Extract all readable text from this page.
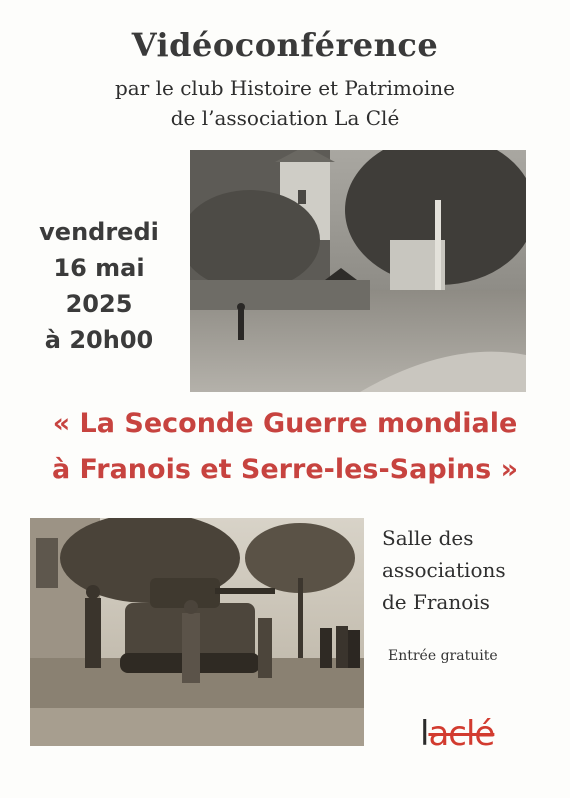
Vidéoconférence
par le club Histoire et Patrimoine
de l’association La Clé
vendredi
16 mai
2025
à 20h00
« La Seconde Guerre mondiale
à Franois et Serre-les-Sapins »
Salle des
associations
de Franois
Entrée gratuite
laclé
